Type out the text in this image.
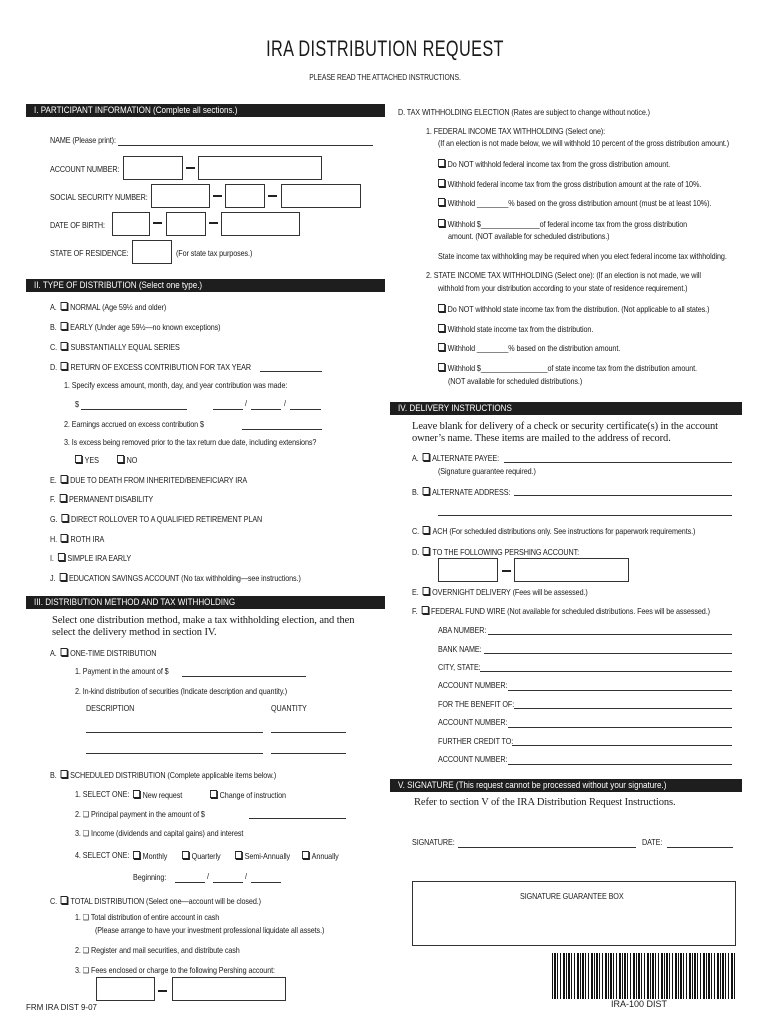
IRA DISTRIBUTION REQUEST
PLEASE READ THE ATTACHED INSTRUCTIONS.
I. PARTICIPANT INFORMATION (Complete all sections.)
NAME (Please print):
ACCOUNT NUMBER:
SOCIAL SECURITY NUMBER:
DATE OF BIRTH:
STATE OF RESIDENCE:	(For state tax purposes.)
II. TYPE OF DISTRIBUTION (Select one type.)
A. NORMAL (Age 59½ and older)
B. EARLY (Under age 59½—no known exceptions)
C. SUBSTANTIALLY EQUAL SERIES
D. RETURN OF EXCESS CONTRIBUTION FOR TAX YEAR
1. Specify excess amount, month, day, and year contribution was made:
$	/	/
2. Earnings accrued on excess contribution $
3. Is excess being removed prior to the tax return due date, including extensions?
YES	NO
E. DUE TO DEATH FROM INHERITED/BENEFICIARY IRA
F. PERMANENT DISABILITY
G. DIRECT ROLLOVER TO A QUALIFIED RETIREMENT PLAN
H. ROTH IRA
I. SIMPLE IRA EARLY
J. EDUCATION SAVINGS ACCOUNT (No tax withholding—see instructions.)
III. DISTRIBUTION METHOD AND TAX WITHHOLDING
Select one distribution method, make a tax withholding election, and then select the delivery method in section IV.
A.  ONE-TIME DISTRIBUTION
1. Payment in the amount of $
2. In-kind distribution of securities (Indicate description and quantity.)
DESCRIPTION	QUANTITY
B.  SCHEDULED DISTRIBUTION (Complete applicable items below.)
1. SELECT ONE:	New request	Change of instruction
2. ❑ Principal payment in the amount of $
3. ❑ Income (dividends and capital gains) and interest
4. SELECT ONE:	Monthly	Quarterly	Semi-Annually	Annually
Beginning:	/	/
C.  TOTAL DISTRIBUTION (Select one—account will be closed.)
1. ❑ Total distribution of entire account in cash
(Please arrange to have your investment professional liquidate all assets.)
2. ❑ Register and mail securities, and distribute cash
3. ❑ Fees enclosed or charge to the following Pershing account:
D. TAX WITHHOLDING ELECTION (Rates are subject to change without notice.)
1. FEDERAL INCOME TAX WITHHOLDING (Select one):
(If an election is not made below, we will withhold 10 percent of the gross distribution amount.)
Do NOT withhold federal income tax from the gross distribution amount.
Withhold federal income tax from the gross distribution amount at the rate of 10%.
Withhold ________% based on the gross distribution amount (must be at least 10%).
Withhold $_______________of federal income tax from the gross distribution
amount. (NOT available for scheduled distributions.)
State income tax withholding may be required when you elect federal income tax withholding.
2. STATE INCOME TAX WITHHOLDING (Select one): (If an election is not made, we will
withhold from your distribution according to your state of residence requirement.)
Do NOT withhold state income tax from the distribution. (Not applicable to all states.)
Withhold state income tax from the distribution.
Withhold ________% based on the distribution amount.
Withhold $_________________of state income tax from the distribution amount.
(NOT available for scheduled distributions.)
IV. DELIVERY INSTRUCTIONS
Leave blank for delivery of a check or security certificate(s) in the account owner’s name. These items are mailed to the address of record.
A.  ALTERNATE PAYEE:
(Signature guarantee required.)
B.  ALTERNATE ADDRESS:
C.  ACH (For scheduled distributions only. See instructions for paperwork requirements.)
D.  TO THE FOLLOWING PERSHING ACCOUNT:
E.  OVERNIGHT DELIVERY (Fees will be assessed.)
F.  FEDERAL FUND WIRE (Not available for scheduled distributions. Fees will be assessed.)
ABA NUMBER:
BANK NAME:
CITY, STATE:
ACCOUNT NUMBER:
FOR THE BENEFIT OF:
ACCOUNT NUMBER:
FURTHER CREDIT TO:
ACCOUNT NUMBER:
V. SIGNATURE (This request cannot be processed without your signature.)
Refer to section V of the IRA Distribution Request Instructions.
SIGNATURE:	DATE:
SIGNATURE GUARANTEE BOX
IRA-100 DIST
FRM IRA DIST 9-07
